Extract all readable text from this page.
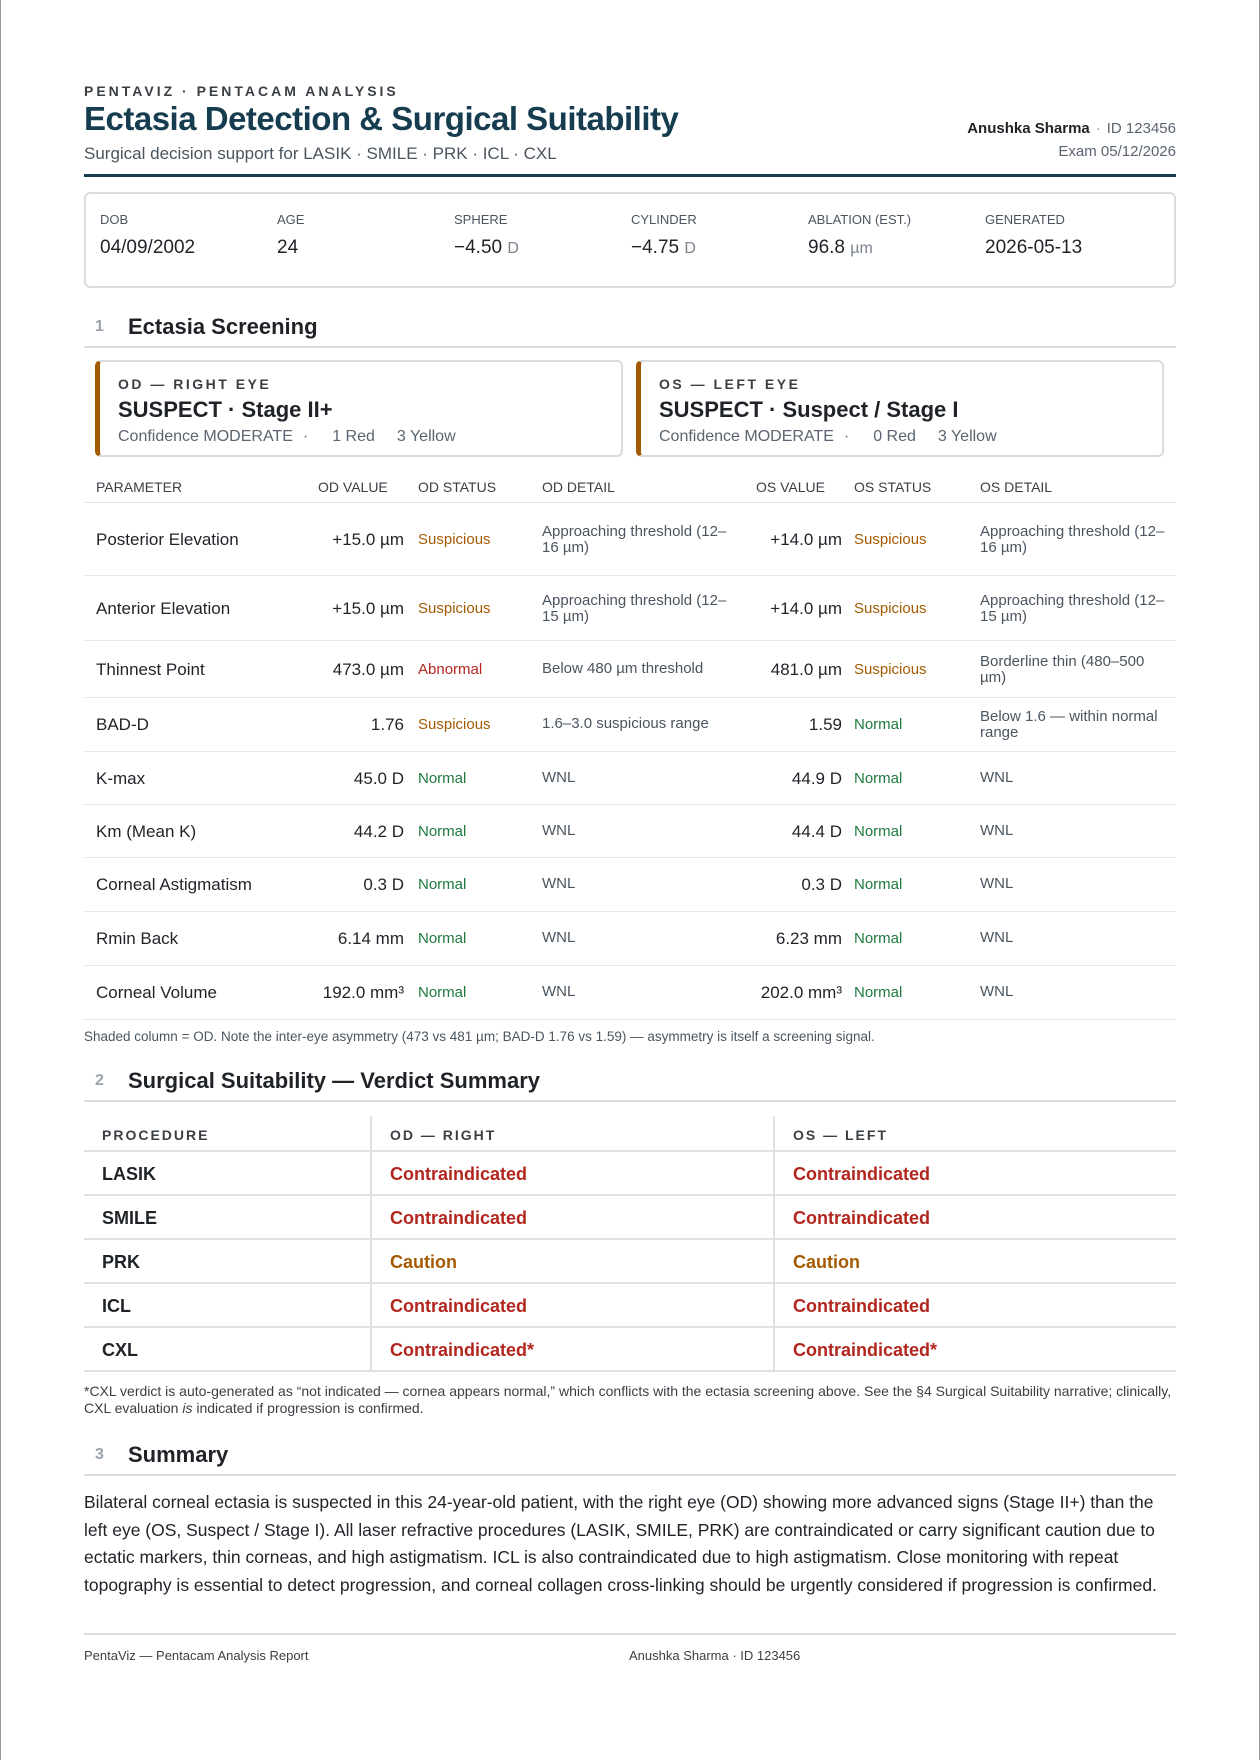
PENTAVIZ · PENTACAM ANALYSIS
Ectasia Detection & Surgical Suitability
Surgical decision support for LASIK · SMILE · PRK · ICL · CXL
Anushka Sharma · ID 123456
Exam 05/12/2026
DOB
04/09/2002
AGE
24
SPHERE
−4.50 D
CYLINDER
−4.75 D
ABLATION (EST.)
96.8 µm
GENERATED
2026-05-13
1 Ectasia Screening
OD — RIGHT EYE
SUSPECT · Stage II+
Confidence MODERATE · 1 Red 3 Yellow
OS — LEFT EYE
SUSPECT · Suspect / Stage I
Confidence MODERATE · 0 Red 3 Yellow
PARAMETER	OD VALUE OD STATUS	OD DETAIL	OS VALUE OS STATUS	OS DETAIL
Posterior Elevation	+15.0 µm Suspicious	Approaching threshold (12–16 µm)	+14.0 µm Suspicious	Approaching threshold (12–16 µm)
Anterior Elevation	+15.0 µm Suspicious	Approaching threshold (12–15 µm)	+14.0 µm Suspicious	Approaching threshold (12–15 µm)
Thinnest Point	473.0 µm Abnormal	Below 480 µm threshold	481.0 µm Suspicious	Borderline thin (480–500 µm)
BAD-D	1.76 Suspicious	1.6–3.0 suspicious range	1.59 Normal	Below 1.6 — within normal range
K-max	45.0 D Normal	WNL	44.9 D Normal	WNL
Km (Mean K)	44.2 D Normal	WNL	44.4 D Normal	WNL
Corneal Astigmatism	0.3 D Normal	WNL	0.3 D Normal	WNL
Rmin Back	6.14 mm Normal	WNL	6.23 mm Normal	WNL
Corneal Volume	192.0 mm³ Normal	WNL	202.0 mm³ Normal	WNL
Shaded column = OD. Note the inter-eye asymmetry (473 vs 481 µm; BAD-D 1.76 vs 1.59) — asymmetry is itself a screening signal.
2 Surgical Suitability — Verdict Summary
PROCEDURE	OD — RIGHT	OS — LEFT
LASIK	Contraindicated	Contraindicated
SMILE	Contraindicated	Contraindicated
PRK	Caution	Caution
ICL	Contraindicated	Contraindicated
CXL	Contraindicated*	Contraindicated*
*CXL verdict is auto-generated as “not indicated — cornea appears normal,” which conflicts with the ectasia screening above. See the §4 Surgical Suitability narrative; clinically, CXL evaluation is indicated if progression is confirmed.
3 Summary
Bilateral corneal ectasia is suspected in this 24-year-old patient, with the right eye (OD) showing more advanced signs (Stage II+) than the left eye (OS, Suspect / Stage I). All laser refractive procedures (LASIK, SMILE, PRK) are contraindicated or carry significant caution due to ectatic markers, thin corneas, and high astigmatism. ICL is also contraindicated due to high astigmatism. Close monitoring with repeat topography is essential to detect progression, and corneal collagen cross-linking should be urgently considered if progression is confirmed.
PentaViz — Pentacam Analysis Report	Anushka Sharma · ID 123456
